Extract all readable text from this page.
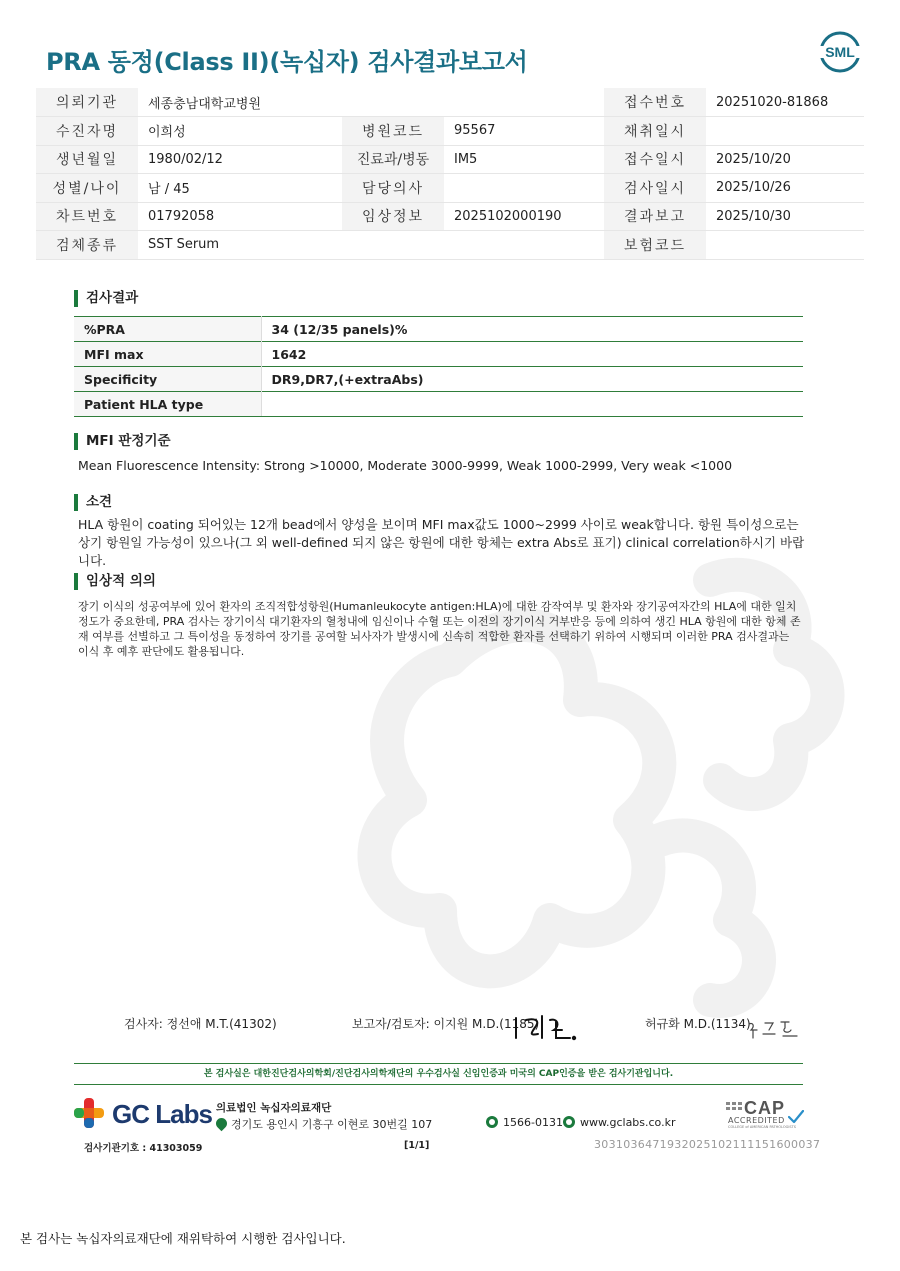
PRA 동정(Class II)(녹십자) 검사결과보고서	SML
의뢰기관	세종충남대학교병원			접수번호	20251020-81868
수진자명	이희성	병원코드	95567	채취일시	
생년월일	1980/02/12	진료과/병동	IM5	접수일시	2025/10/20
성별/나이	남 / 45	담당의사		검사일시	2025/10/26
차트번호	01792058	임상정보	2025102000190	결과보고	2025/10/30
검체종류	SST Serum			보험코드	
검사결과
%PRA	34 (12/35 panels)%
MFI max	1642
Specificity	DR9,DR7,(+extraAbs)
Patient HLA type	
MFI 판정기준
Mean Fluorescence Intensity: Strong >10000, Moderate 3000-9999, Weak 1000-2999, Very weak <1000
소견
HLA 항원이 coating 되어있는 12개 bead에서 양성을 보이며 MFI max값도 1000~2999 사이로 weak합니다. 항원 특이성으로는 상기 항원일 가능성이 있으나(그 외 well-defined 되지 않은 항원에 대한 항체는 extra Abs로 표기) clinical correlation하시기 바랍니다.
임상적 의의
장기 이식의 성공여부에 있어 환자의 조직적합성항원(Humanleukocyte antigen:HLA)에 대한 감작여부 및 환자와 장기공여자간의 HLA에 대한 일치정도가 중요한데, PRA 검사는 장기이식 대기환자의 혈청내에 임신이나 수혈 또는 이전의 장기이식 거부반응 등에 의하여 생긴 HLA 항원에 대한 항체 존재 여부를 선별하고 그 특이성을 동정하여 장기를 공여할 뇌사자가 발생시에 신속히 적합한 환자를 선택하기 위하여 시행되며 이러한 PRA 검사결과는 이식 후 예후 판단에도 활용됩니다.
검사자: 정선애 M.T.(41302)	보고자/검토자: 이지원 M.D.(1185)	허규화 M.D.(1134)
본 검사실은 대한진단검사의학회/진단검사의학재단의 우수검사실 신임인증과 미국의 CAP인증을 받은 검사기관입니다.
GC Labs 의료법인 녹십자의료재단
경기도 용인시 기흥구 이현로 30번길 107	1566-0131	www.gclabs.co.kr
CAP
ACCREDITED
COLLEGE of AMERICAN PATHOLOGISTS
검사기관기호 : 41303059	[1/1]	3031036471932025102111151600037
본 검사는 녹십자의료재단에 재위탁하여 시행한 검사입니다.
